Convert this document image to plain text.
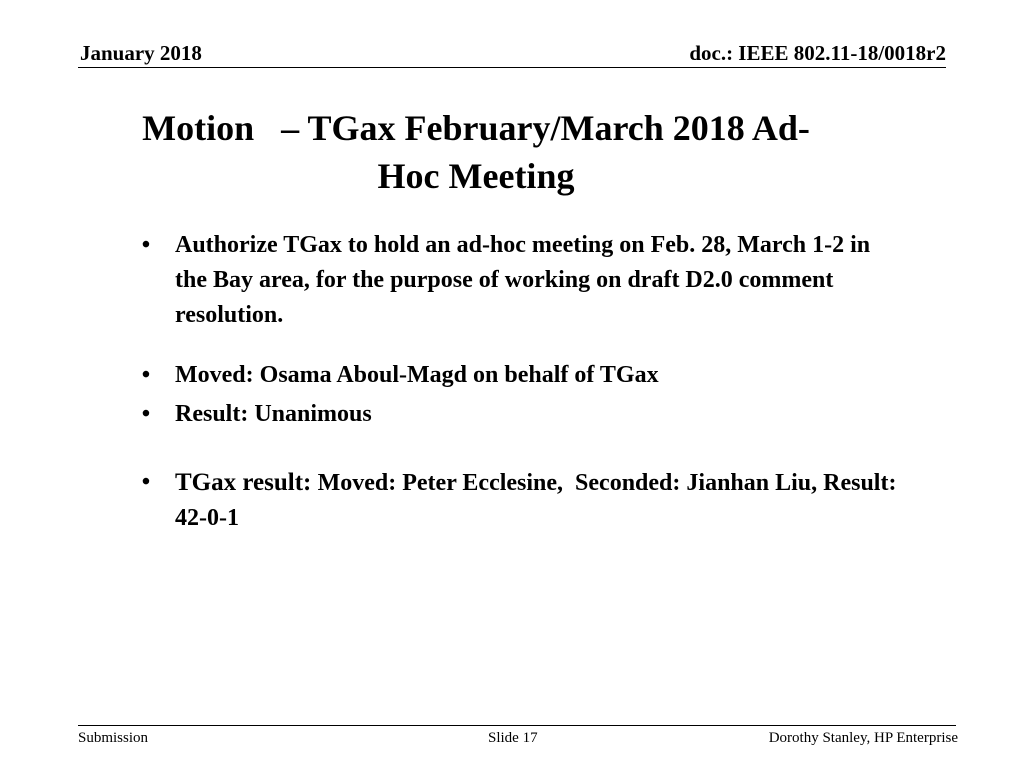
January 2018	doc.: IEEE 802.11-18/0018r2
Motion   – TGax February/March 2018 Ad-
Hoc Meeting
• Authorize TGax to hold an ad-hoc meeting on Feb. 28, March 1-2 in the Bay area, for the purpose of working on draft D2.0 comment resolution.
• Moved: Osama Aboul-Magd on behalf of TGax
• Result: Unanimous
• TGax result: Moved: Peter Ecclesine,  Seconded: Jianhan Liu, Result: 42-0-1
Submission	Slide 17	Dorothy Stanley, HP Enterprise
